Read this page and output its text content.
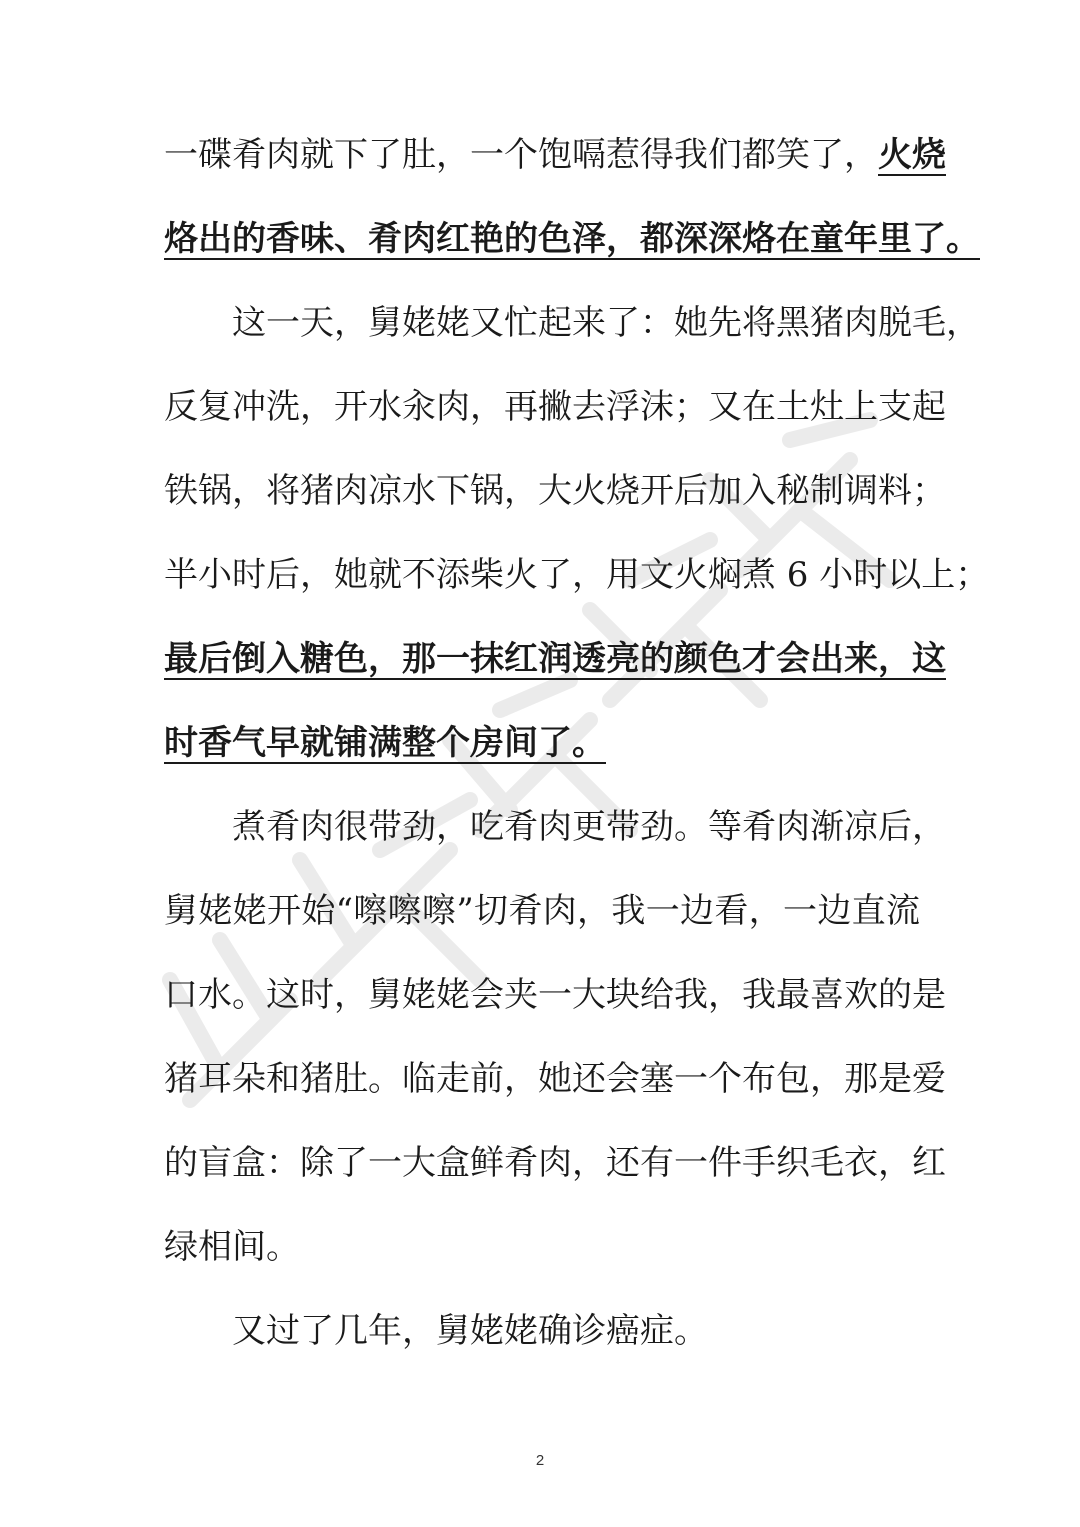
一碟肴肉就下了肚，一个饱嗝惹得我们都笑了，火烧
烙出的香味、肴肉红艳的色泽，都深深烙在童年里了。
这一天，舅姥姥又忙起来了：她先将黑猪肉脱毛，
反复冲洗，开水汆肉，再撇去浮沫；又在土灶上支起
铁锅，将猪肉凉水下锅，大火烧开后加入秘制调料；
半小时后，她就不添柴火了，用文火焖煮 6 小时以上；
最后倒入糖色，那一抹红润透亮的颜色才会出来，这
时香气早就铺满整个房间了。
煮肴肉很带劲，吃肴肉更带劲。等肴肉渐凉后，
舅姥姥开始“嚓嚓嚓”切肴肉，我一边看，一边直流
口水。这时，舅姥姥会夹一大块给我，我最喜欢的是
猪耳朵和猪肚。临走前，她还会塞一个布包，那是爱
的盲盒：除了一大盒鲜肴肉，还有一件手织毛衣，红
绿相间。
又过了几年，舅姥姥确诊癌症。
2
